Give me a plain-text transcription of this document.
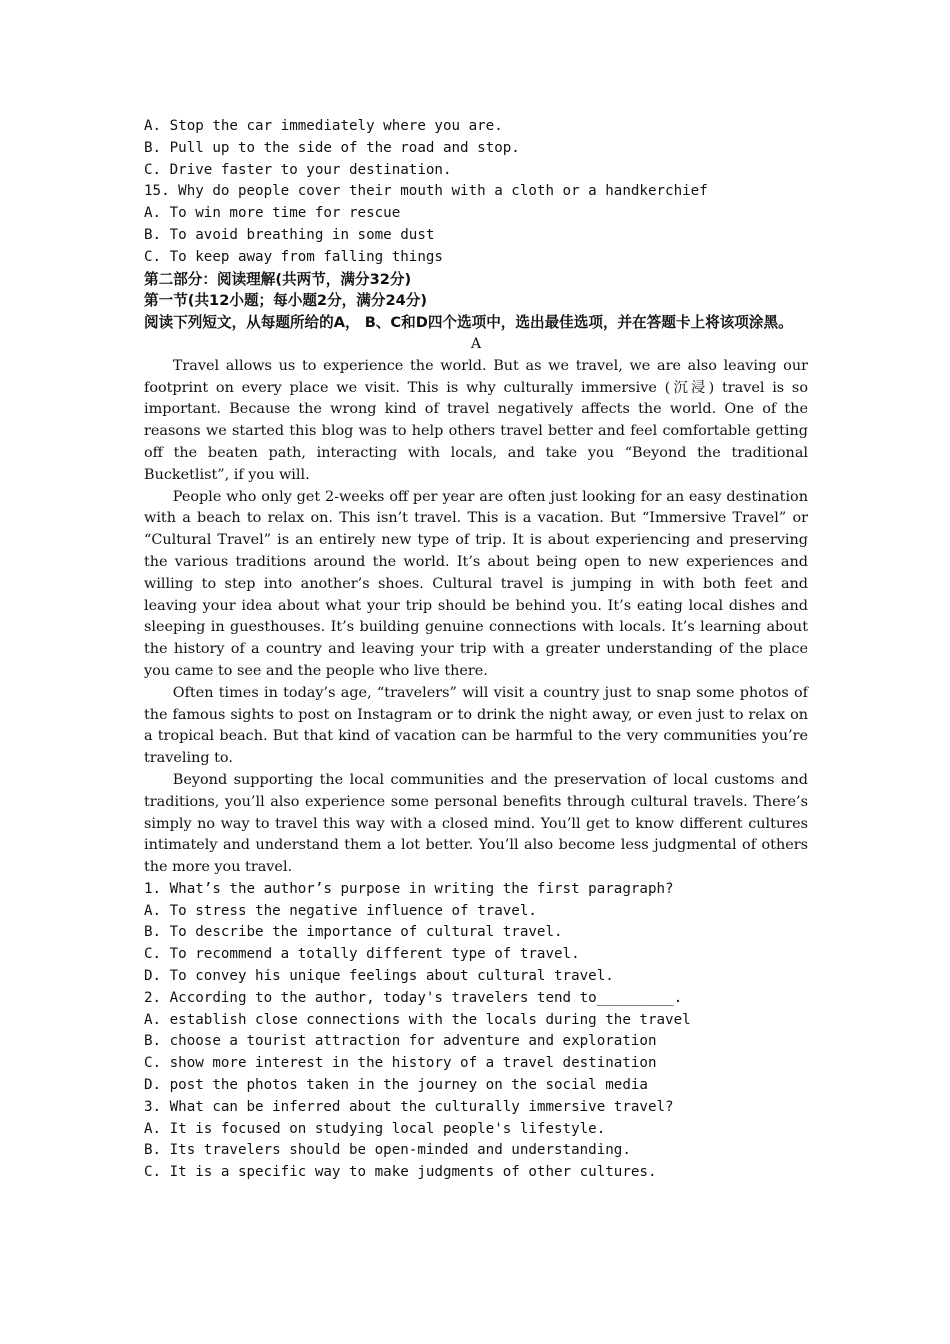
A. Stop the car immediately where you are.
B. Pull up to the side of the road and stop.
C. Drive faster to your destination.
15. Why do people cover their mouth with a cloth or a handkerchief
A. To win more time for rescue
B. To avoid breathing in some dust
C. To keep away from falling things
第二部分：阅读理解(共两节，满分32分)
第一节(共12小题；每小题2分，满分24分)
阅读下列短文，从每题所给的A， B、C和D四个选项中，选出最佳选项，并在答题卡上将该项涂黑。
A

Travel allows us to experience the world. But as we travel, we are also leaving our footprint on every place we visit. This is why culturally immersive (沉浸) travel is so important. Because the wrong kind of travel negatively affects the world. One of the reasons we started this blog was to help others travel better and feel comfortable getting off the beaten path, interacting with locals, and take you “Beyond the traditional Bucketlist”, if you will.

People who only get 2-weeks off per year are often just looking for an easy destination with a beach to relax on. This isn’t travel. This is a vacation. But “Immersive Travel” or “Cultural Travel” is an entirely new type of trip. It is about experiencing and preserving the various traditions around the world. It’s about being open to new experiences and willing to step into another’s shoes. Cultural travel is jumping in with both feet and leaving your idea about what your trip should be behind you. It’s eating local dishes and sleeping in guesthouses. It’s building genuine connections with locals. It’s learning about the history of a country and leaving your trip with a greater understanding of the place you came to see and the people who live there.

Often times in today’s age, “travelers” will visit a country just to snap some photos of the famous sights to post on Instagram or to drink the night away, or even just to relax on a tropical beach. But that kind of vacation can be harmful to the very communities you’re traveling to.

Beyond supporting the local communities and the preservation of local customs and traditions, you’ll also experience some personal benefits through cultural travels. There’s simply no way to travel this way with a closed mind. You’ll get to know different cultures intimately and understand them a lot better. You’ll also become less judgmental of others the more you travel.

1. What’s the author’s purpose in writing the first paragraph?
A. To stress the negative influence of travel.
B. To describe the importance of cultural travel.
C. To recommend a totally different type of travel.
D. To convey his unique feelings about cultural travel.
2. According to the author, today's travelers tend to_________.
A. establish close connections with the locals during the travel
B. choose a tourist attraction for adventure and exploration
C. show more interest in the history of a travel destination
D. post the photos taken in the journey on the social media
3. What can be inferred about the culturally immersive travel?
A. It is focused on studying local people's lifestyle.
B. Its travelers should be open-minded and understanding.
C. It is a specific way to make judgments of other cultures.
